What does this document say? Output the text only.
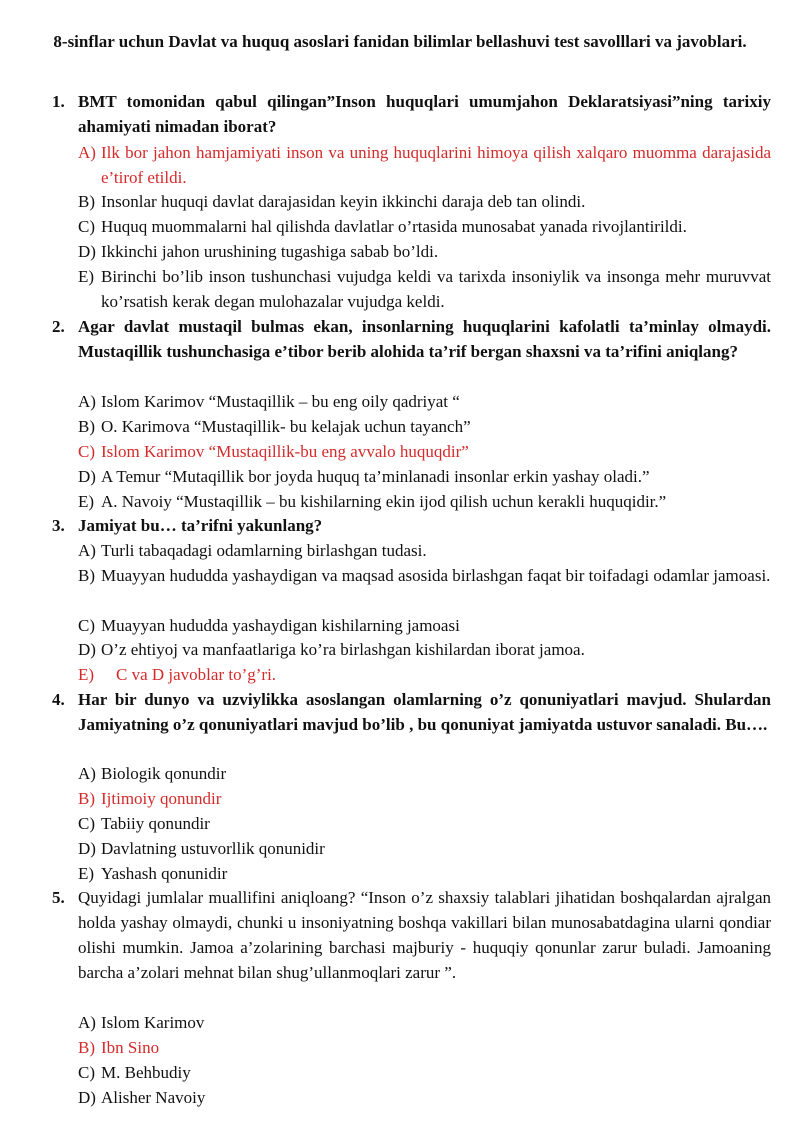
8-sinflar uchun Davlat va huquq asoslari fanidan bilimlar bellashuvi test savolllari va javoblari.
1. BMT tomonidan qabul qilingan”Inson huquqlari umumjahon Deklaratsiyasi”ning tarixiy ahamiyati nimadan iborat?
A) Ilk bor jahon hamjamiyati inson va uning huquqlarini himoya qilish xalqaro muomma darajasida e’tirof etildi.
B) Insonlar huquqi davlat darajasidan keyin ikkinchi daraja deb tan olindi.
C) Huquq muommalarni hal qilishda davlatlar o’rtasida munosabat yanada rivojlantirildi.
D) Ikkinchi jahon urushining tugashiga sabab bo’ldi.
E) Birinchi bo’lib inson tushunchasi vujudga keldi va tarixda insoniylik va insonga mehr muruvvat ko’rsatish kerak degan mulohazalar vujudga keldi.
2. Agar davlat mustaqil bulmas ekan, insonlarning huquqlarini kafolatli ta’minlay olmaydi. Mustaqillik tushunchasiga e’tibor berib alohida ta’rif bergan shaxsni va ta’rifini aniqlang?
A) Islom Karimov “Mustaqillik – bu eng oily qadriyat “
B) O. Karimova “Mustaqillik- bu kelajak uchun tayanch”
C) Islom Karimov “Mustaqillik-bu eng avvalo huquqdir”
D) A Temur “Mutaqillik bor joyda huquq ta’minlanadi insonlar erkin yashay oladi.”
E) A. Navoiy “Mustaqillik – bu kishilarning ekin ijod qilish uchun kerakli huquqidir.”
3. Jamiyat bu… ta’rifni yakunlang?
A) Turli tabaqadagi odamlarning birlashgan tudasi.
B) Muayyan hududda yashaydigan va maqsad asosida birlashgan faqat bir toifadagi odamlar jamoasi.
C) Muayyan hududda yashaydigan kishilarning jamoasi
D) O’z ehtiyoj va manfaatlariga ko’ra birlashgan kishilardan iborat jamoa.
E)	C va D javoblar to’g’ri.
4. Har bir dunyo va uzviylikka asoslangan olamlarning o’z qonuniyatlari mavjud. Shulardan Jamiyatning o’z qonuniyatlari mavjud bo’lib , bu qonuniyat jamiyatda ustuvor sanaladi. Bu….
A) Biologik qonundir
B) Ijtimoiy qonundir
C) Tabiiy qonundir
D) Davlatning ustuvorllik qonunidir
E) Yashash qonunidir
5. Quyidagi jumlalar muallifini aniqloang? “Inson o’z shaxsiy talablari jihatidan boshqalardan ajralgan holda yashay olmaydi, chunki u insoniyatning boshqa vakillari bilan munosabatdagina ularni qondiar olishi mumkin. Jamoa a’zolarining barchasi majburiy - huquqiy qonunlar zarur buladi. Jamoaning barcha a’zolari mehnat bilan shug’ullanmoqlari zarur ”.
A) Islom Karimov
B) Ibn Sino
C) M. Behbudiy
D) Alisher Navoiy
